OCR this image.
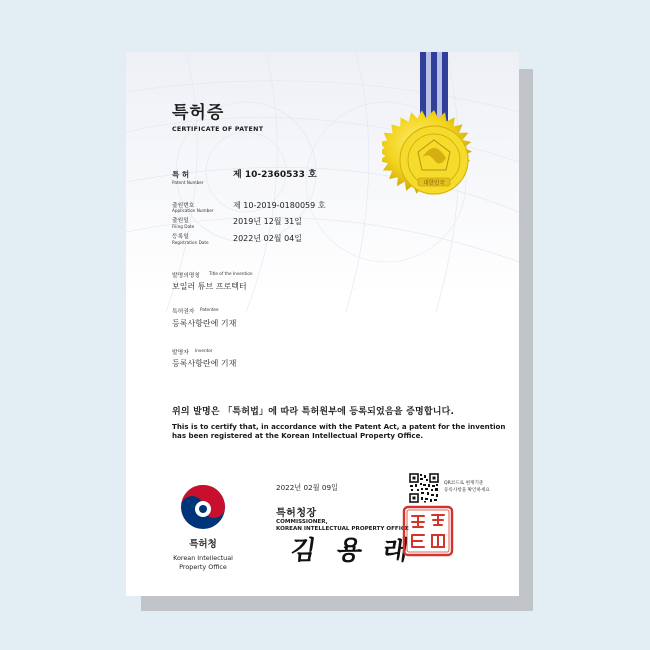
대한민국
특허증
CERTIFICATE OF PATENT
특 허
Patent Number
제 10-2360533 호
출원번호
Application Number
제 10-2019-0180059 호
출원일
Filing Date
2019년 12월 31일
등록일
Registration Date	2022년 02월 04일
발명의명칭 Title of the Invention
보일러 튜브 프로텍터
특허권자 Patentee
등록사항란에 기재
발명자 Inventor
등록사항란에 기재
위의 발명은 「특허법」에 따라 특허원부에 등록되었음을 증명합니다.
This is to certify that, in accordance with the Patent Act, a patent for the invention
has been registered at the Korean Intellectual Property Office.
특허청
Korean Intellectual
Property Office
2022년 02월 09일	QR코드로 현재기준
등록사항을 확인하세요
특허청장
COMMISSIONER,
KOREAN INTELLECTUAL PROPERTY OFFICE
김 용 래
